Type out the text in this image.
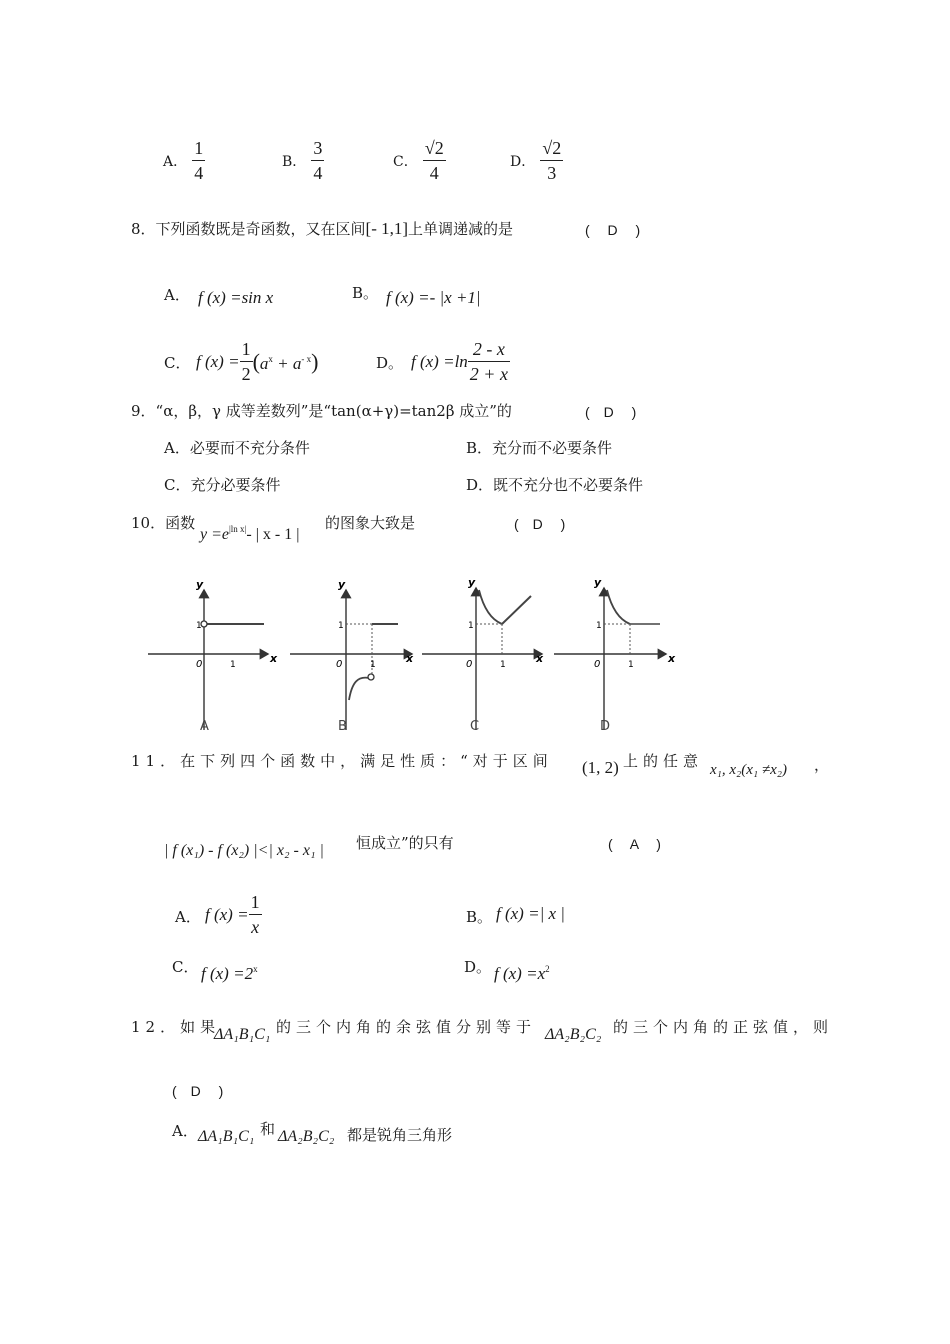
A． $\frac{1}{4}$	B． $\frac{3}{4}$	C． $\frac{√2}{4}$	D． $\frac{√2}{3}$
8．下列函数既是奇函数，又在区间[- 1,1]上单调递减的是	(　 D　 )
A． f (x) =sin x	B。 f (x) =- |x +1|
C． f $(x) = \frac{1}{2} (a^x + a^{- x})$	D。 f $(x) =\ln \frac{2 - x}{2 + x}$
9．“α，β，γ 成等差数列”是“tan(α+γ)=tan2β 成立”的	(　D　 )
A．必要而不充分条件	B．充分而不必要条件
C．充分必要条件	D．既不充分也不必要条件
10．函数
$y =e^{|ln x|}-$ | x - 1 |
的图象大致是	(　D　 )
y
x
1
0	1
A
y
x
1
0	1
B
y
x
1
0	1
C
y
x
1
0	1
D
11．在下列四个函数中，满足性质：“对于区间 (1, 2) 上的任意 x₁, x₂(x₁ ≠x₂) ，
| f (x₁) - f (x₂) |<| x₂ - x₁ | 恒成立”的只有	(　 A　 )
A． f $(x) = \frac{1}{x}$	B。 f (x) =| x |
C． f $(x) =2^x$	D。 f $(x) =x^2$
12．如果
ΔA₁B₁C₁ 的三个内角的余弦值分别等于 ΔA₂B₂C₂ 的三个内角的正弦值，则
(　D　 )
A． ΔA₁B₁C₁ 和 ΔA₂B₂C₂ 都是锐角三角形
